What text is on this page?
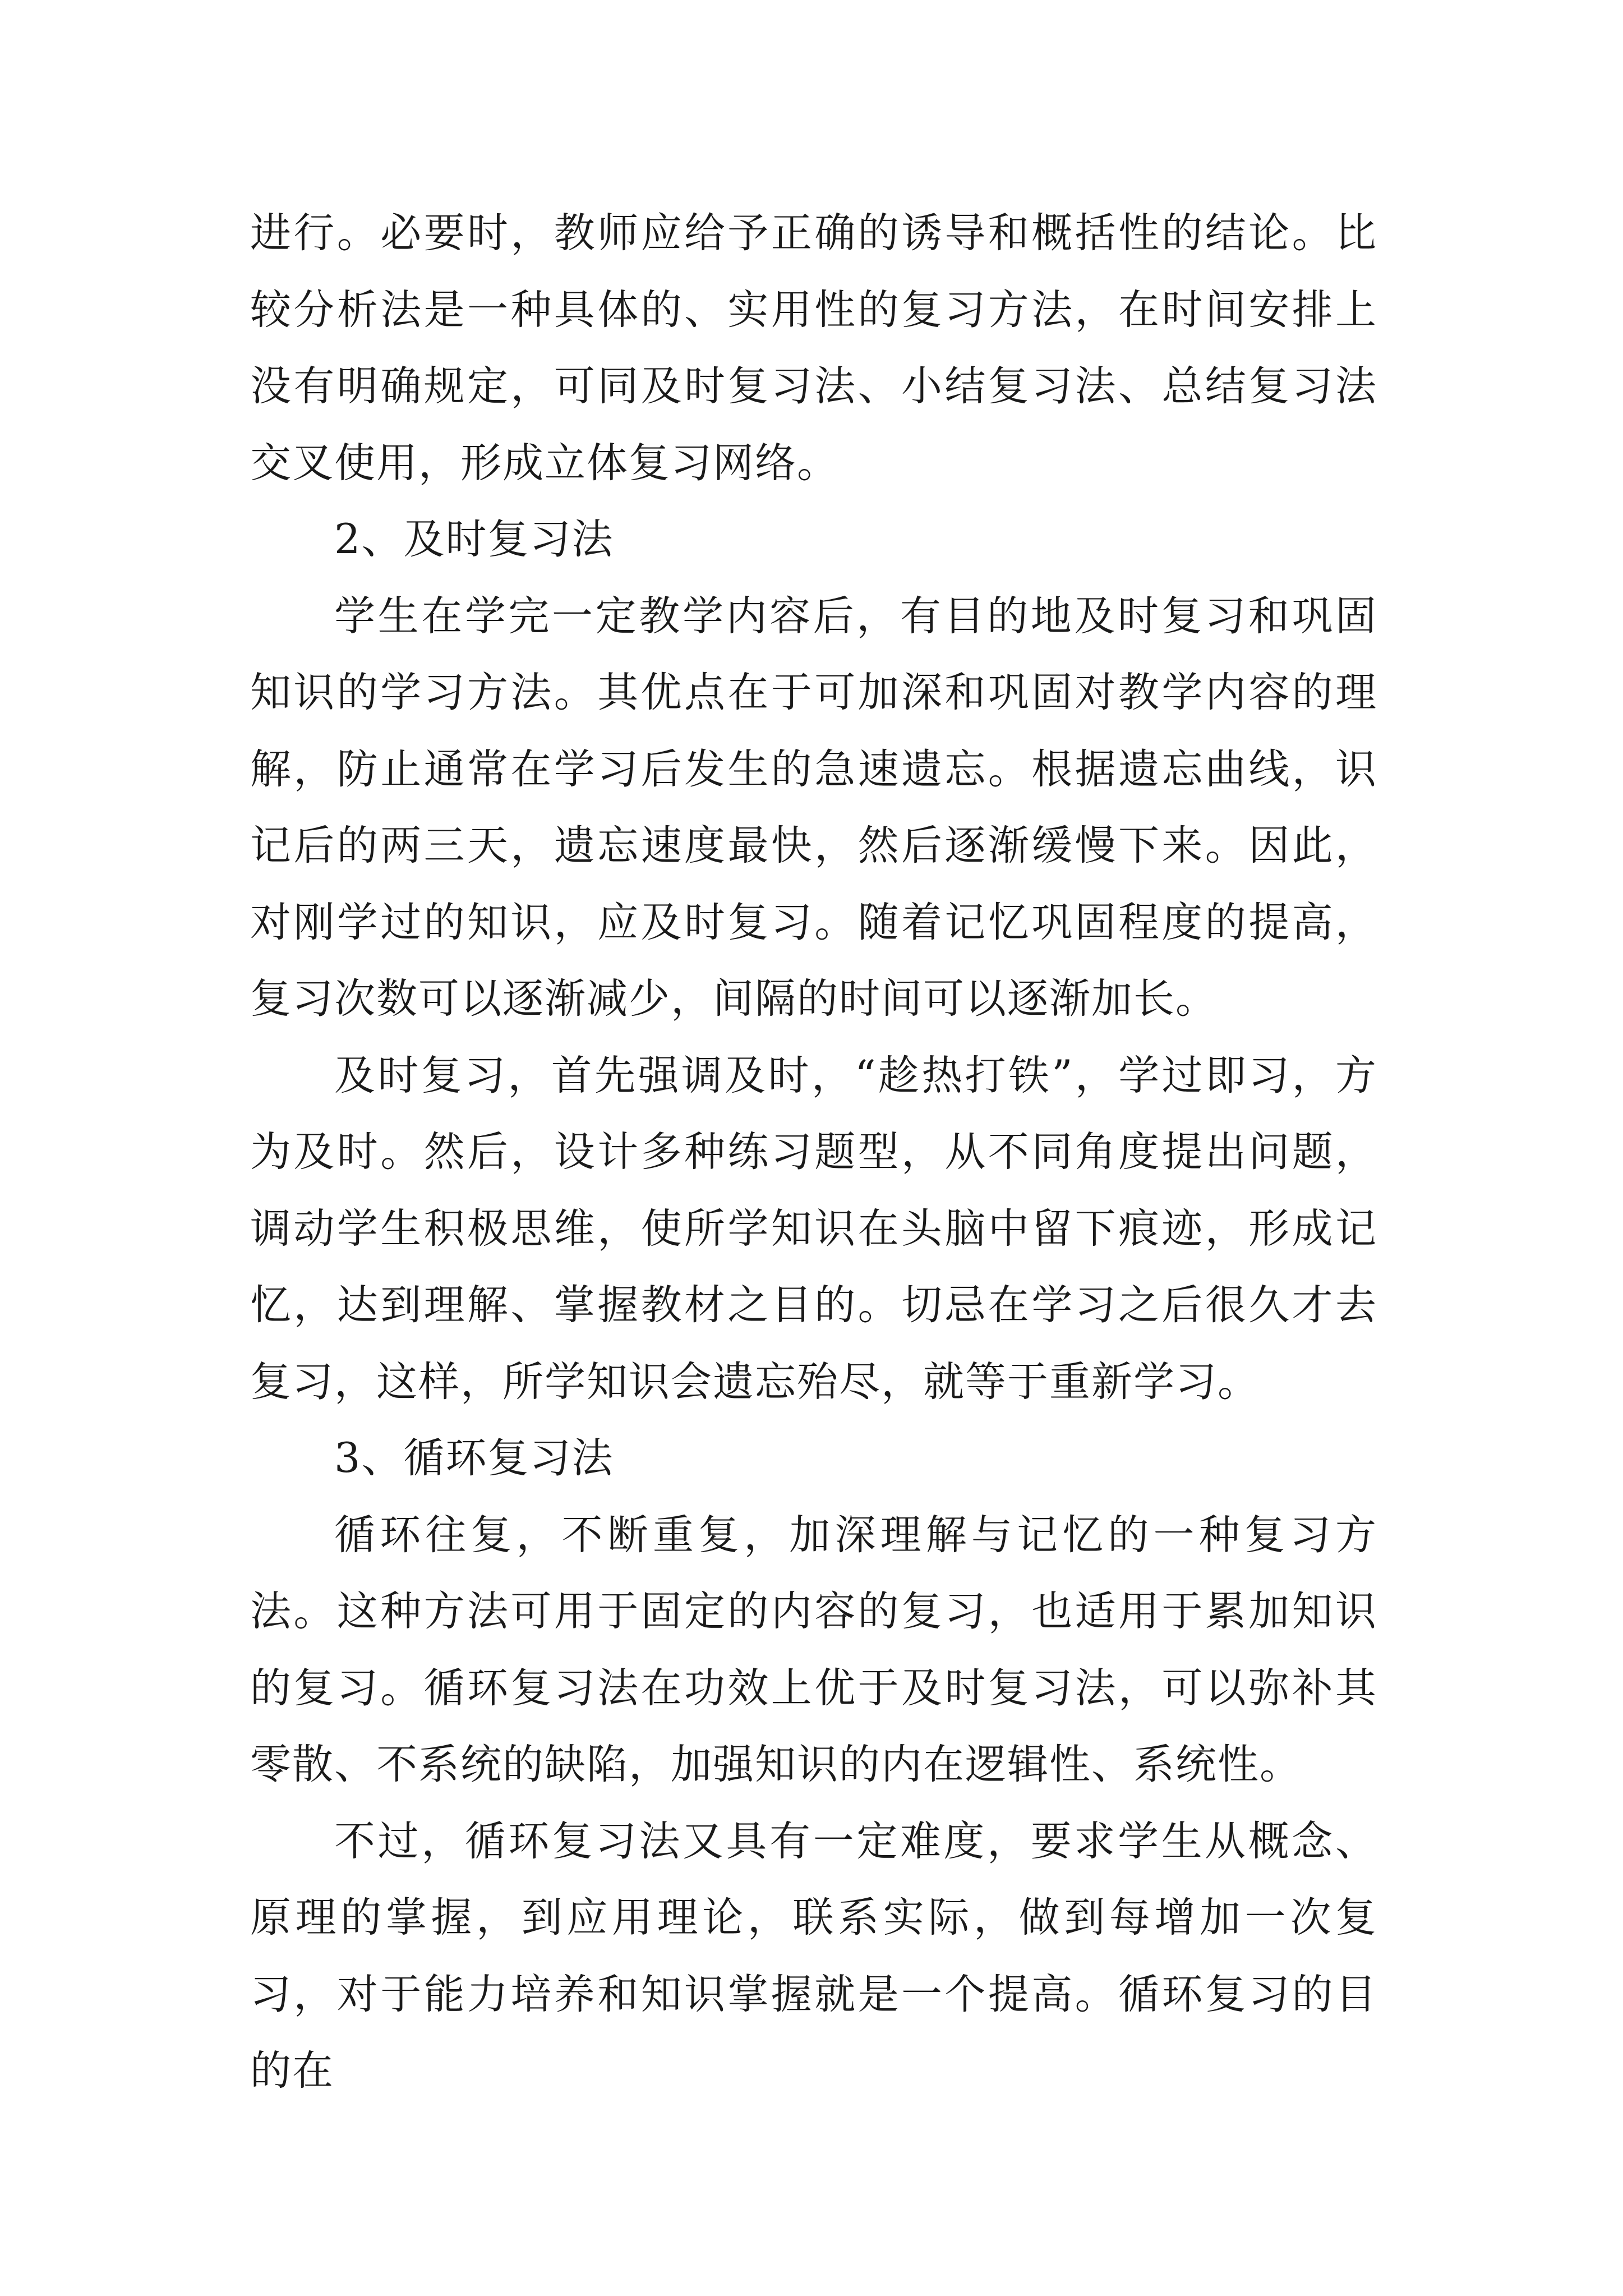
进行。必要时，教师应给予正确的诱导和概括性的结论。比较分析法是一种具体的、实用性的复习方法，在时间安排上没有明确规定，可同及时复习法、小结复习法、总结复习法交叉使用，形成立体复习网络。

2、及时复习法

学生在学完一定教学内容后，有目的地及时复习和巩固知识的学习方法。其优点在于可加深和巩固对教学内容的理解，防止通常在学习后发生的急速遗忘。根据遗忘曲线，识记后的两三天，遗忘速度最快，然后逐渐缓慢下来。因此，对刚学过的知识，应及时复习。随着记忆巩固程度的提高，复习次数可以逐渐减少，间隔的时间可以逐渐加长。

及时复习，首先强调及时，“趁热打铁”，学过即习，方为及时。然后，设计多种练习题型，从不同角度提出问题，调动学生积极思维，使所学知识在头脑中留下痕迹，形成记忆，达到理解、掌握教材之目的。切忌在学习之后很久才去复习，这样，所学知识会遗忘殆尽，就等于重新学习。

3、循环复习法

循环往复，不断重复，加深理解与记忆的一种复习方法。这种方法可用于固定的内容的复习，也适用于累加知识的复习。循环复习法在功效上优于及时复习法，可以弥补其零散、不系统的缺陷，加强知识的内在逻辑性、系统性。

不过，循环复习法又具有一定难度，要求学生从概念、原理的掌握，到应用理论，联系实际，做到每增加一次复习，对于能力培养和知识掌握就是一个提高。循环复习的目的在
